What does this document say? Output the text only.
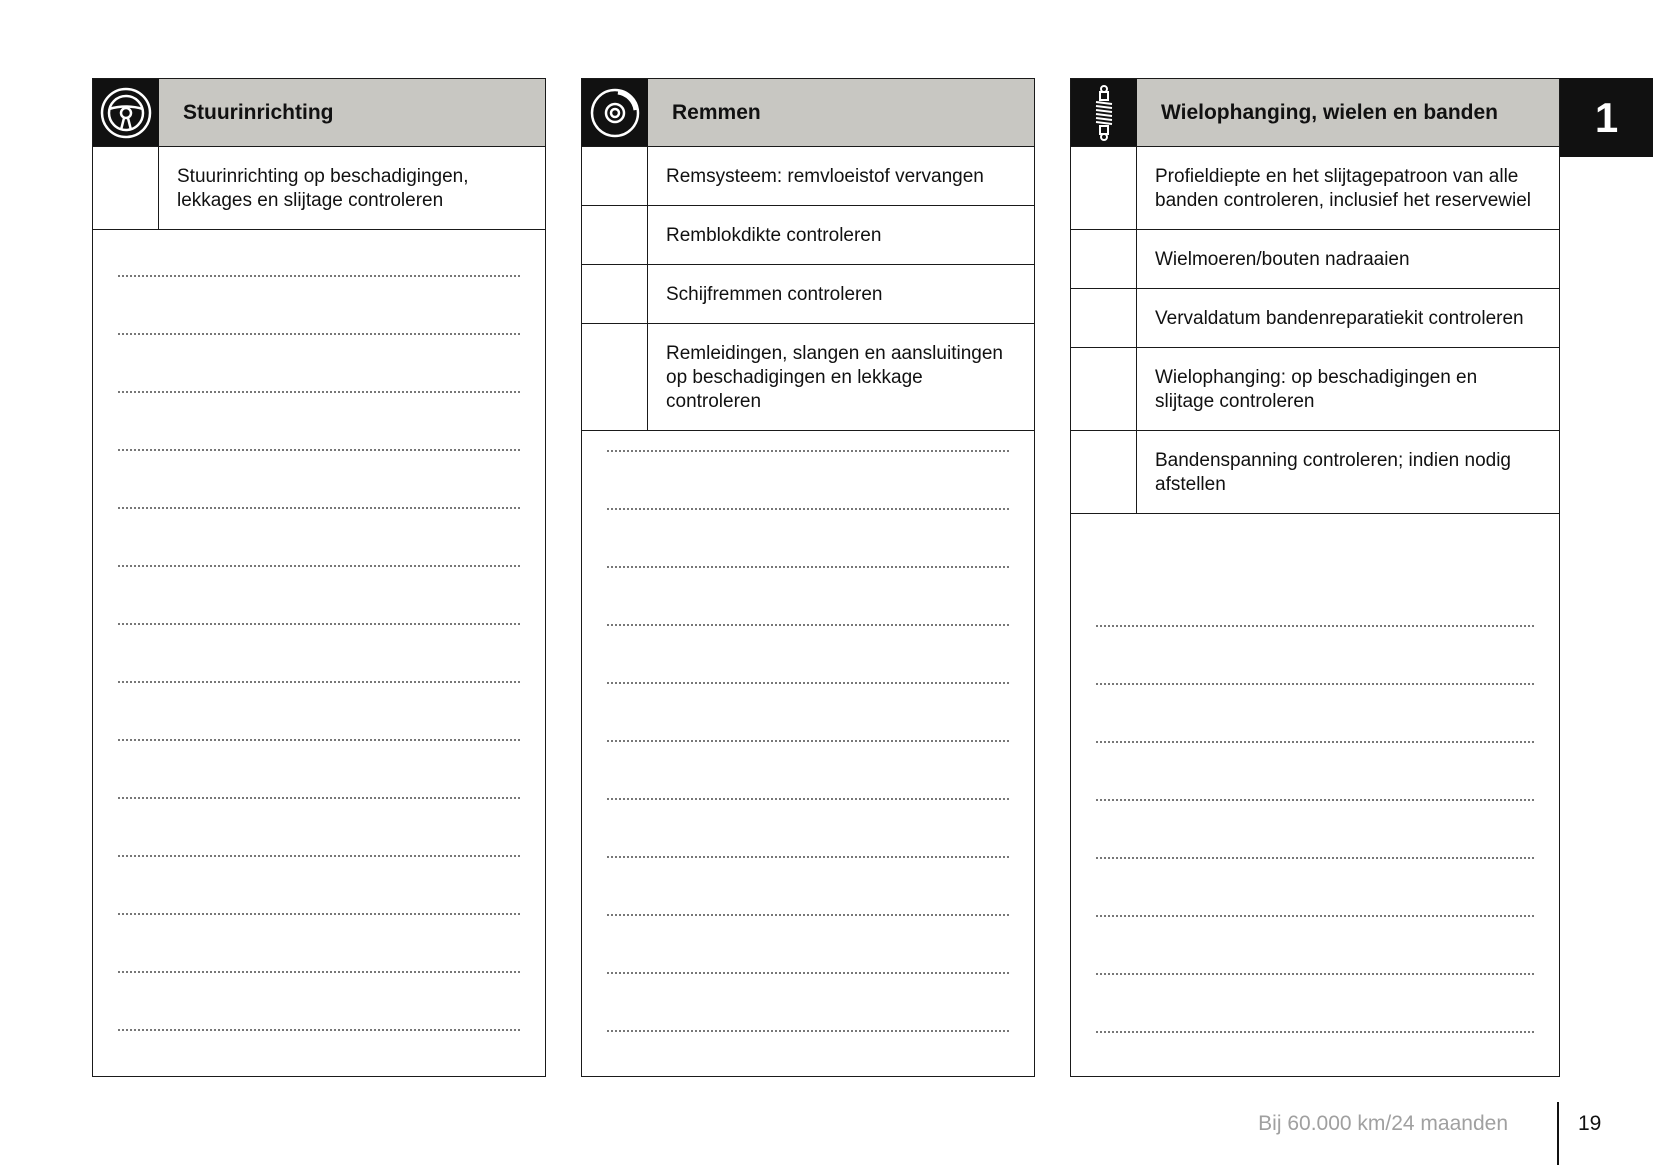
Stuurinrichting
Stuurinrichting op beschadigingen, lekkages en slijtage controleren
Remmen
Remsysteem: remvloeistof vervangen
Remblokdikte controleren
Schijfremmen controleren
Remleidingen, slangen en aansluitingen op beschadigingen en lekkage controleren
Wielophanging, wielen en banden
Profieldiepte en het slijtagepatroon van alle banden controleren, inclusief het reservewiel
Wielmoeren/bouten nadraaien
Vervaldatum bandenreparatiekit controleren
Wielophanging: op beschadigingen en slijtage controleren
Bandenspanning controleren; indien nodig afstellen
1
Bij 60.000 km/24 maanden	19
